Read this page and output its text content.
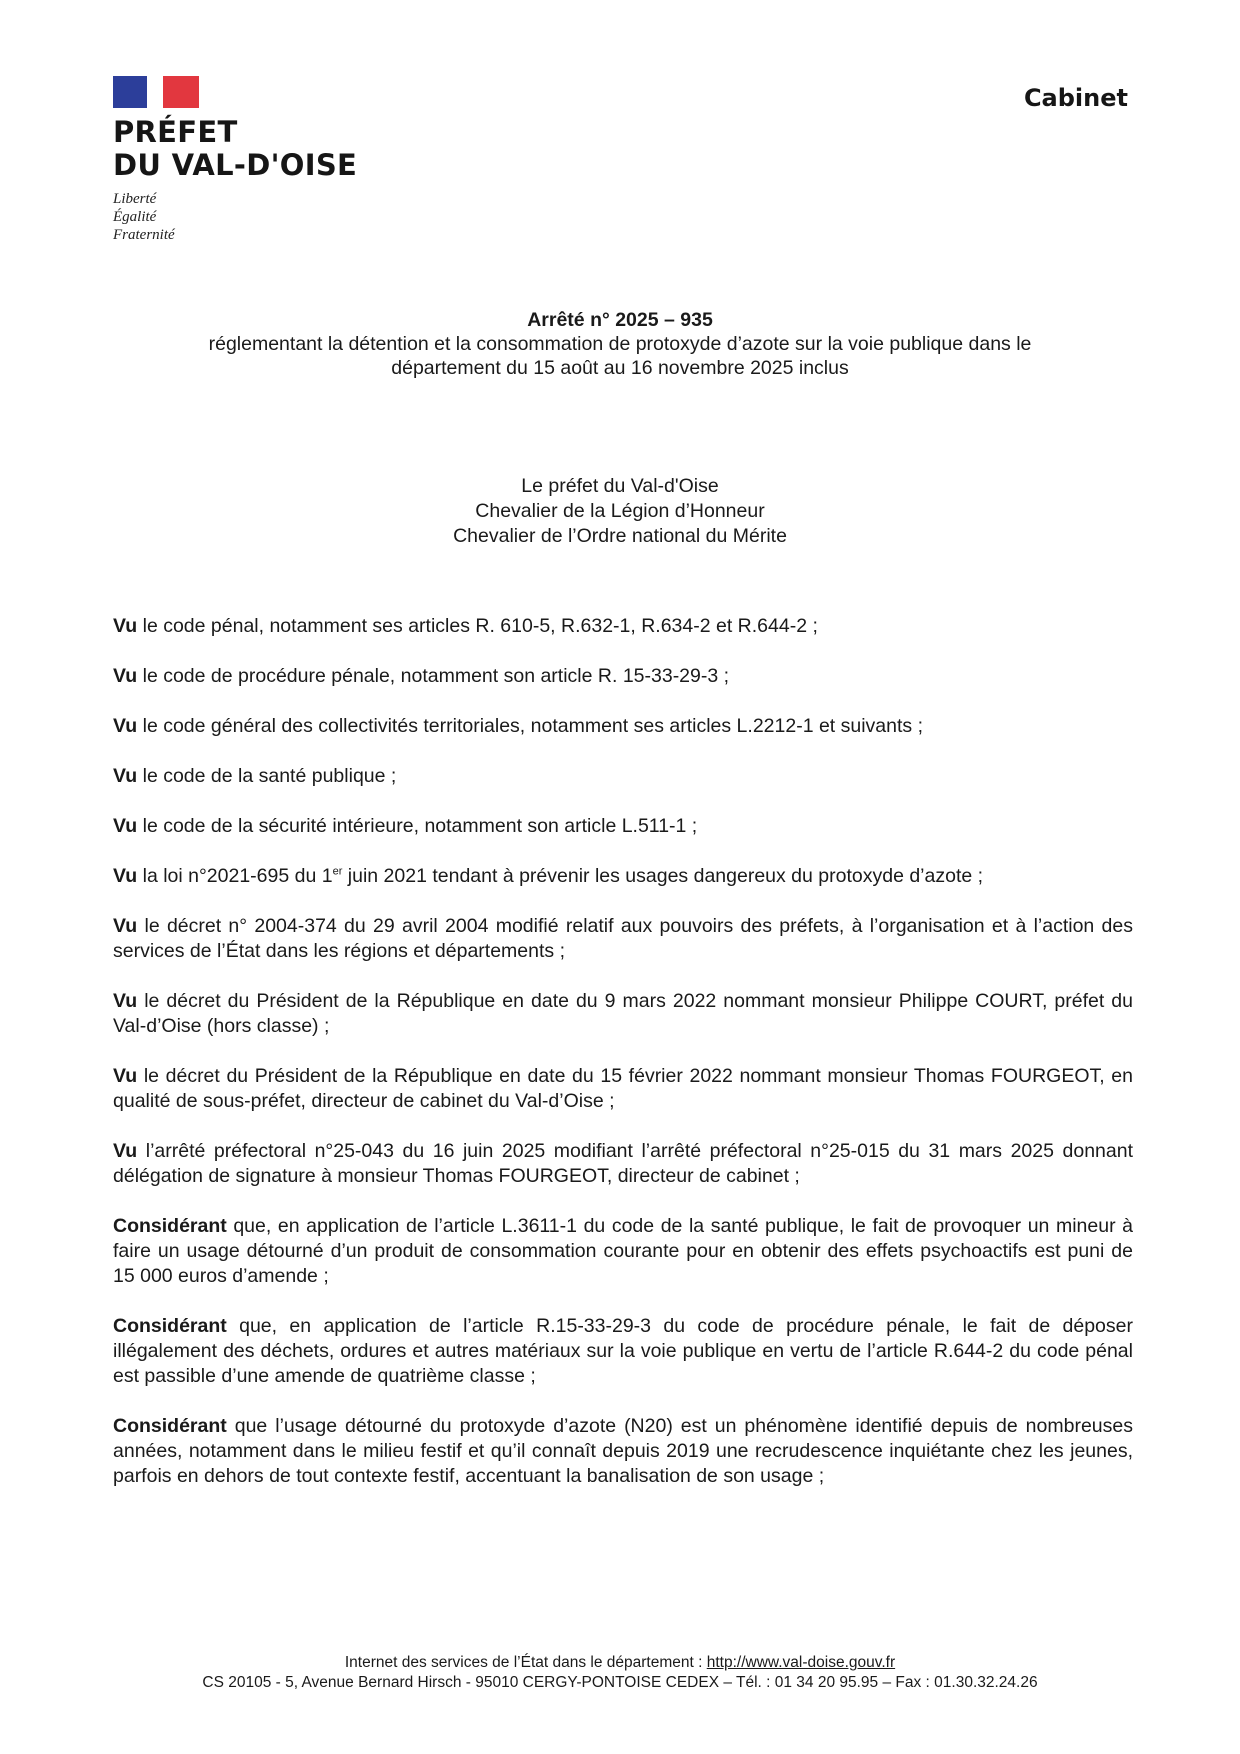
PRÉFET
DU VAL-D'OISE
Liberté
Égalité
Fraternité
Cabinet
Arrêté n° 2025 – 935
réglementant la détention et la consommation de protoxyde d’azote sur la voie publique dans le
département du 15 août au 16 novembre 2025 inclus
Le préfet du Val-d'Oise
Chevalier de la Légion d’Honneur
Chevalier de l’Ordre national du Mérite

Vu le code pénal, notamment ses articles R. 610-5, R.632-1, R.634-2 et R.644-2 ;

Vu le code de procédure pénale, notamment son article R. 15-33-29-3 ;

Vu le code général des collectivités territoriales, notamment ses articles L.2212-1 et suivants ;

Vu le code de la santé publique ;

Vu le code de la sécurité intérieure, notamment son article L.511-1 ;

Vu la loi n°2021-695 du 1er juin 2021 tendant à prévenir les usages dangereux du protoxyde d’azote ;

Vu le décret n° 2004-374 du 29 avril 2004 modifié relatif aux pouvoirs des préfets, à l’organisation et à l’action des services de l’État dans les régions et départements ;

Vu le décret du Président de la République en date du 9 mars 2022 nommant monsieur Philippe COURT, préfet du Val-d’Oise (hors classe) ;

Vu le décret du Président de la République en date du 15 février 2022 nommant monsieur Thomas FOURGEOT, en qualité de sous-préfet, directeur de cabinet du Val-d’Oise ;

Vu l’arrêté préfectoral n°25-043 du 16 juin 2025 modifiant l’arrêté préfectoral n°25-015 du 31 mars 2025 donnant délégation de signature à monsieur Thomas FOURGEOT, directeur de cabinet ;

Considérant que, en application de l’article L.3611-1 du code de la santé publique, le fait de provoquer un mineur à faire un usage détourné d’un produit de consommation courante pour en obtenir des effets psychoactifs est puni de 15 000 euros d’amende ;

Considérant que, en application de l’article R.15-33-29-3 du code de procédure pénale, le fait de déposer illégalement des déchets, ordures et autres matériaux sur la voie publique en vertu de l’article R.644-2 du code pénal est passible d’une amende de quatrième classe ;

Considérant que l’usage détourné du protoxyde d’azote (N20) est un phénomène identifié depuis de nombreuses années, notamment dans le milieu festif et qu’il connaît depuis 2019 une recrudescence inquiétante chez les jeunes, parfois en dehors de tout contexte festif, accentuant la banalisation de son usage ;

Internet des services de l’État dans le département : http://www.val-doise.gouv.fr
CS 20105 - 5, Avenue Bernard Hirsch - 95010 CERGY-PONTOISE CEDEX – Tél. : 01 34 20 95.95 – Fax : 01.30.32.24.26
